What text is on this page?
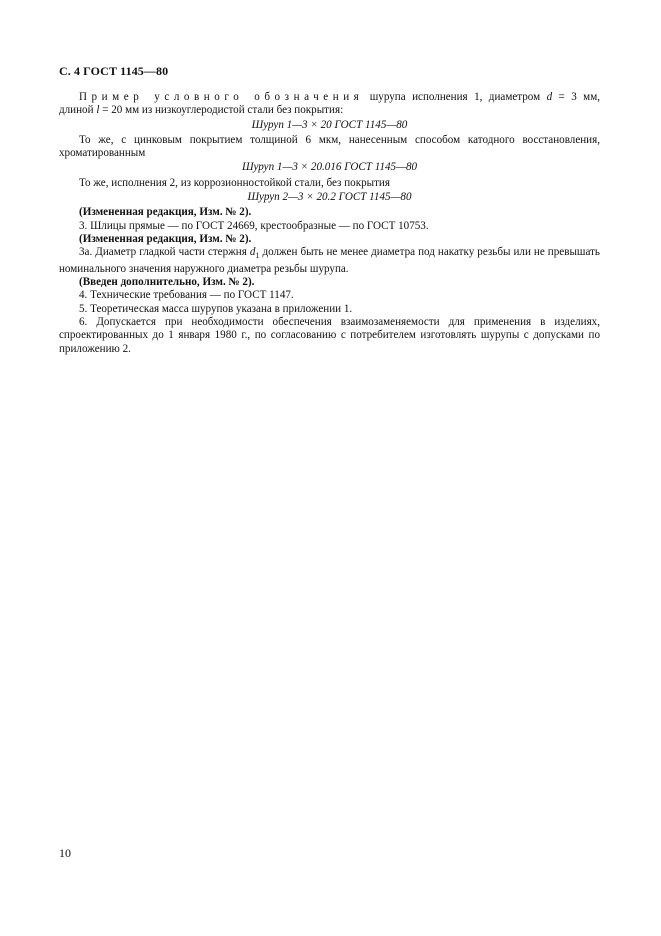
С. 4 ГОСТ 1145—80

Пример условного обозначения шурупа исполнения 1, диаметром d = 3 мм, длиной l = 20 мм из низкоуглеродистой стали без покрытия:

Шуруп 1—3 × 20 ГОСТ 1145—80

То же, с цинковым покрытием толщиной 6 мкм, нанесенным способом катодного восстановления, хроматированным

Шуруп 1—3 × 20.016 ГОСТ 1145—80

То же, исполнения 2, из коррозионностойкой стали, без покрытия

Шуруп 2—3 × 20.2 ГОСТ 1145—80

(Измененная редакция, Изм. № 2).

3. Шлицы прямые — по ГОСТ 24669, крестообразные — по ГОСТ 10753.

(Измененная редакция, Изм. № 2).

3а. Диаметр гладкой части стержня $d_1$ должен быть не менее диаметра под накатку резьбы или не превышать номинального значения наружного диаметра резьбы шурупа.

(Введен дополнительно, Изм. № 2).

4. Технические требования — по ГОСТ 1147.

5. Теоретическая масса шурупов указана в приложении 1.

6. Допускается при необходимости обеспечения взаимозаменяемости для применения в изделиях, спроектированных до 1 января 1980 г., по согласованию с потребителем изготовлять шурупы с допусками по приложению 2.

10
